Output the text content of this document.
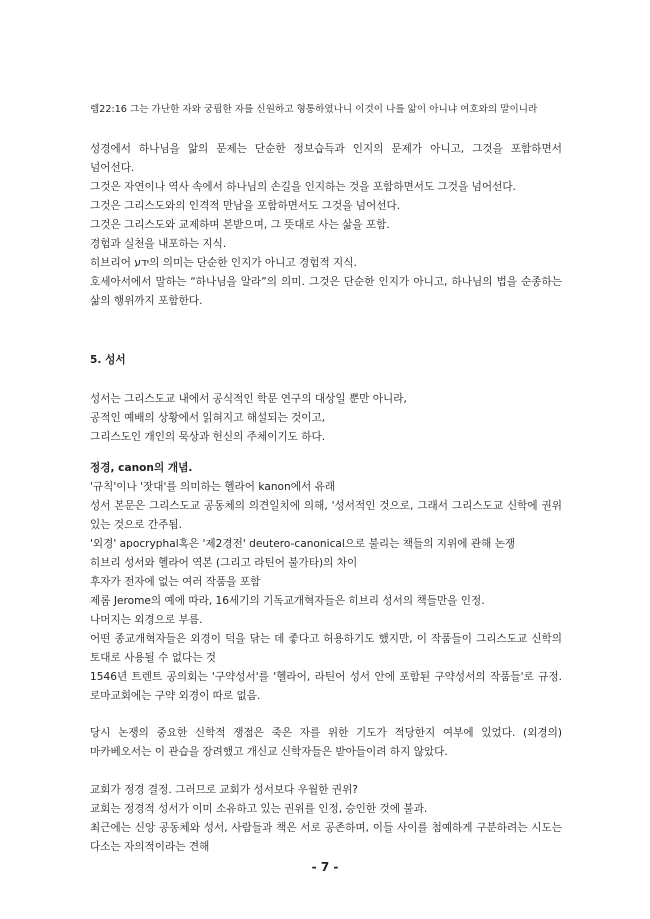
렘22:16 그는 가난한 자와 궁핍한 자를 신원하고 형통하였나니 이것이 나를 앎이 아니냐 여호와의 말이니라
성경에서 하나님을 앎의 문제는 단순한 정보습득과 인지의 문제가 아니고, 그것을 포함하면서 넘어선다.
그것은 자연이나 역사 속에서 하나님의 손길을 인지하는 것을 포함하면서도 그것을 넘어선다.
그것은 그리스도와의 인격적 만남을 포함하면서도 그것을 넘어선다.
그것은 그리스도와 교제하며 본받으며, 그 뜻대로 사는 삶을 포함.
경험과 실천을 내포하는 지식.
히브리어 ידע의 의미는 단순한 인지가 아니고 경험적 지식.
호세아서에서 말하는 “하나님을 알라”의 의미. 그것은 단순한 인지가 아니고, 하나님의 법을 순종하는 삶의 행위까지 포함한다.
5. 성서
성서는 그리스도교 내에서 공식적인 학문 연구의 대상일 뿐만 아니라,
공적인 예배의 상황에서 읽혀지고 해설되는 것이고,
그리스도인 개인의 묵상과 헌신의 주체이기도 하다.
정경, canon의 개념.
'규칙'이나 '잣대'를 의미하는 헬라어 kanon에서 유래
성서 본문은 그리스도교 공동체의 의견일치에 의해, '성서적인 것으로, 그래서 그리스도교 신학에 권위 있는 것으로 간주됨.
'외경' apocryphal혹은 '제2경전' deutero-canonical으로 불리는 책들의 지위에 관해 논쟁
히브리 성서와 헬라어 역본 (그리고 라틴어 불가타)의 차이
후자가 전자에 없는 여러 작품을 포함
제롬 Jerome의 예에 따라, 16세기의 기독교개혁자들은 히브리 성서의 책들만을 인정.
나머지는 외경으로 부름.
어떤 종교개혁자들은 외경이 덕을 닦는 데 좋다고 허용하기도 했지만, 이 작품들이 그리스도교 신학의 토대로 사용될 수 없다는 것
1546년 트렌트 공의회는 '구약성서'를 '헬라어, 라틴어 성서 안에 포함된 구약성서의 작품들'로 규정. 로마교회에는 구약 외경이 따로 없음.
당시 논쟁의 중요한 신학적 쟁점은 죽은 자를 위한 기도가 적당한지 여부에 있었다. (외경의) 마카베오서는 이 관습을 장려했고 개신교 신학자들은 받아들이려 하지 않았다.
교회가 정경 결정. 그러므로 교회가 성서보다 우월한 권위?
교회는 정경적 성서가 이미 소유하고 있는 권위를 인정, 승인한 것에 불과.
최근에는 신앙 공동체와 성서, 사람들과 책은 서로 공존하며, 이들 사이를 첨예하게 구분하려는 시도는 다소는 자의적이라는 견해
- 7 -
